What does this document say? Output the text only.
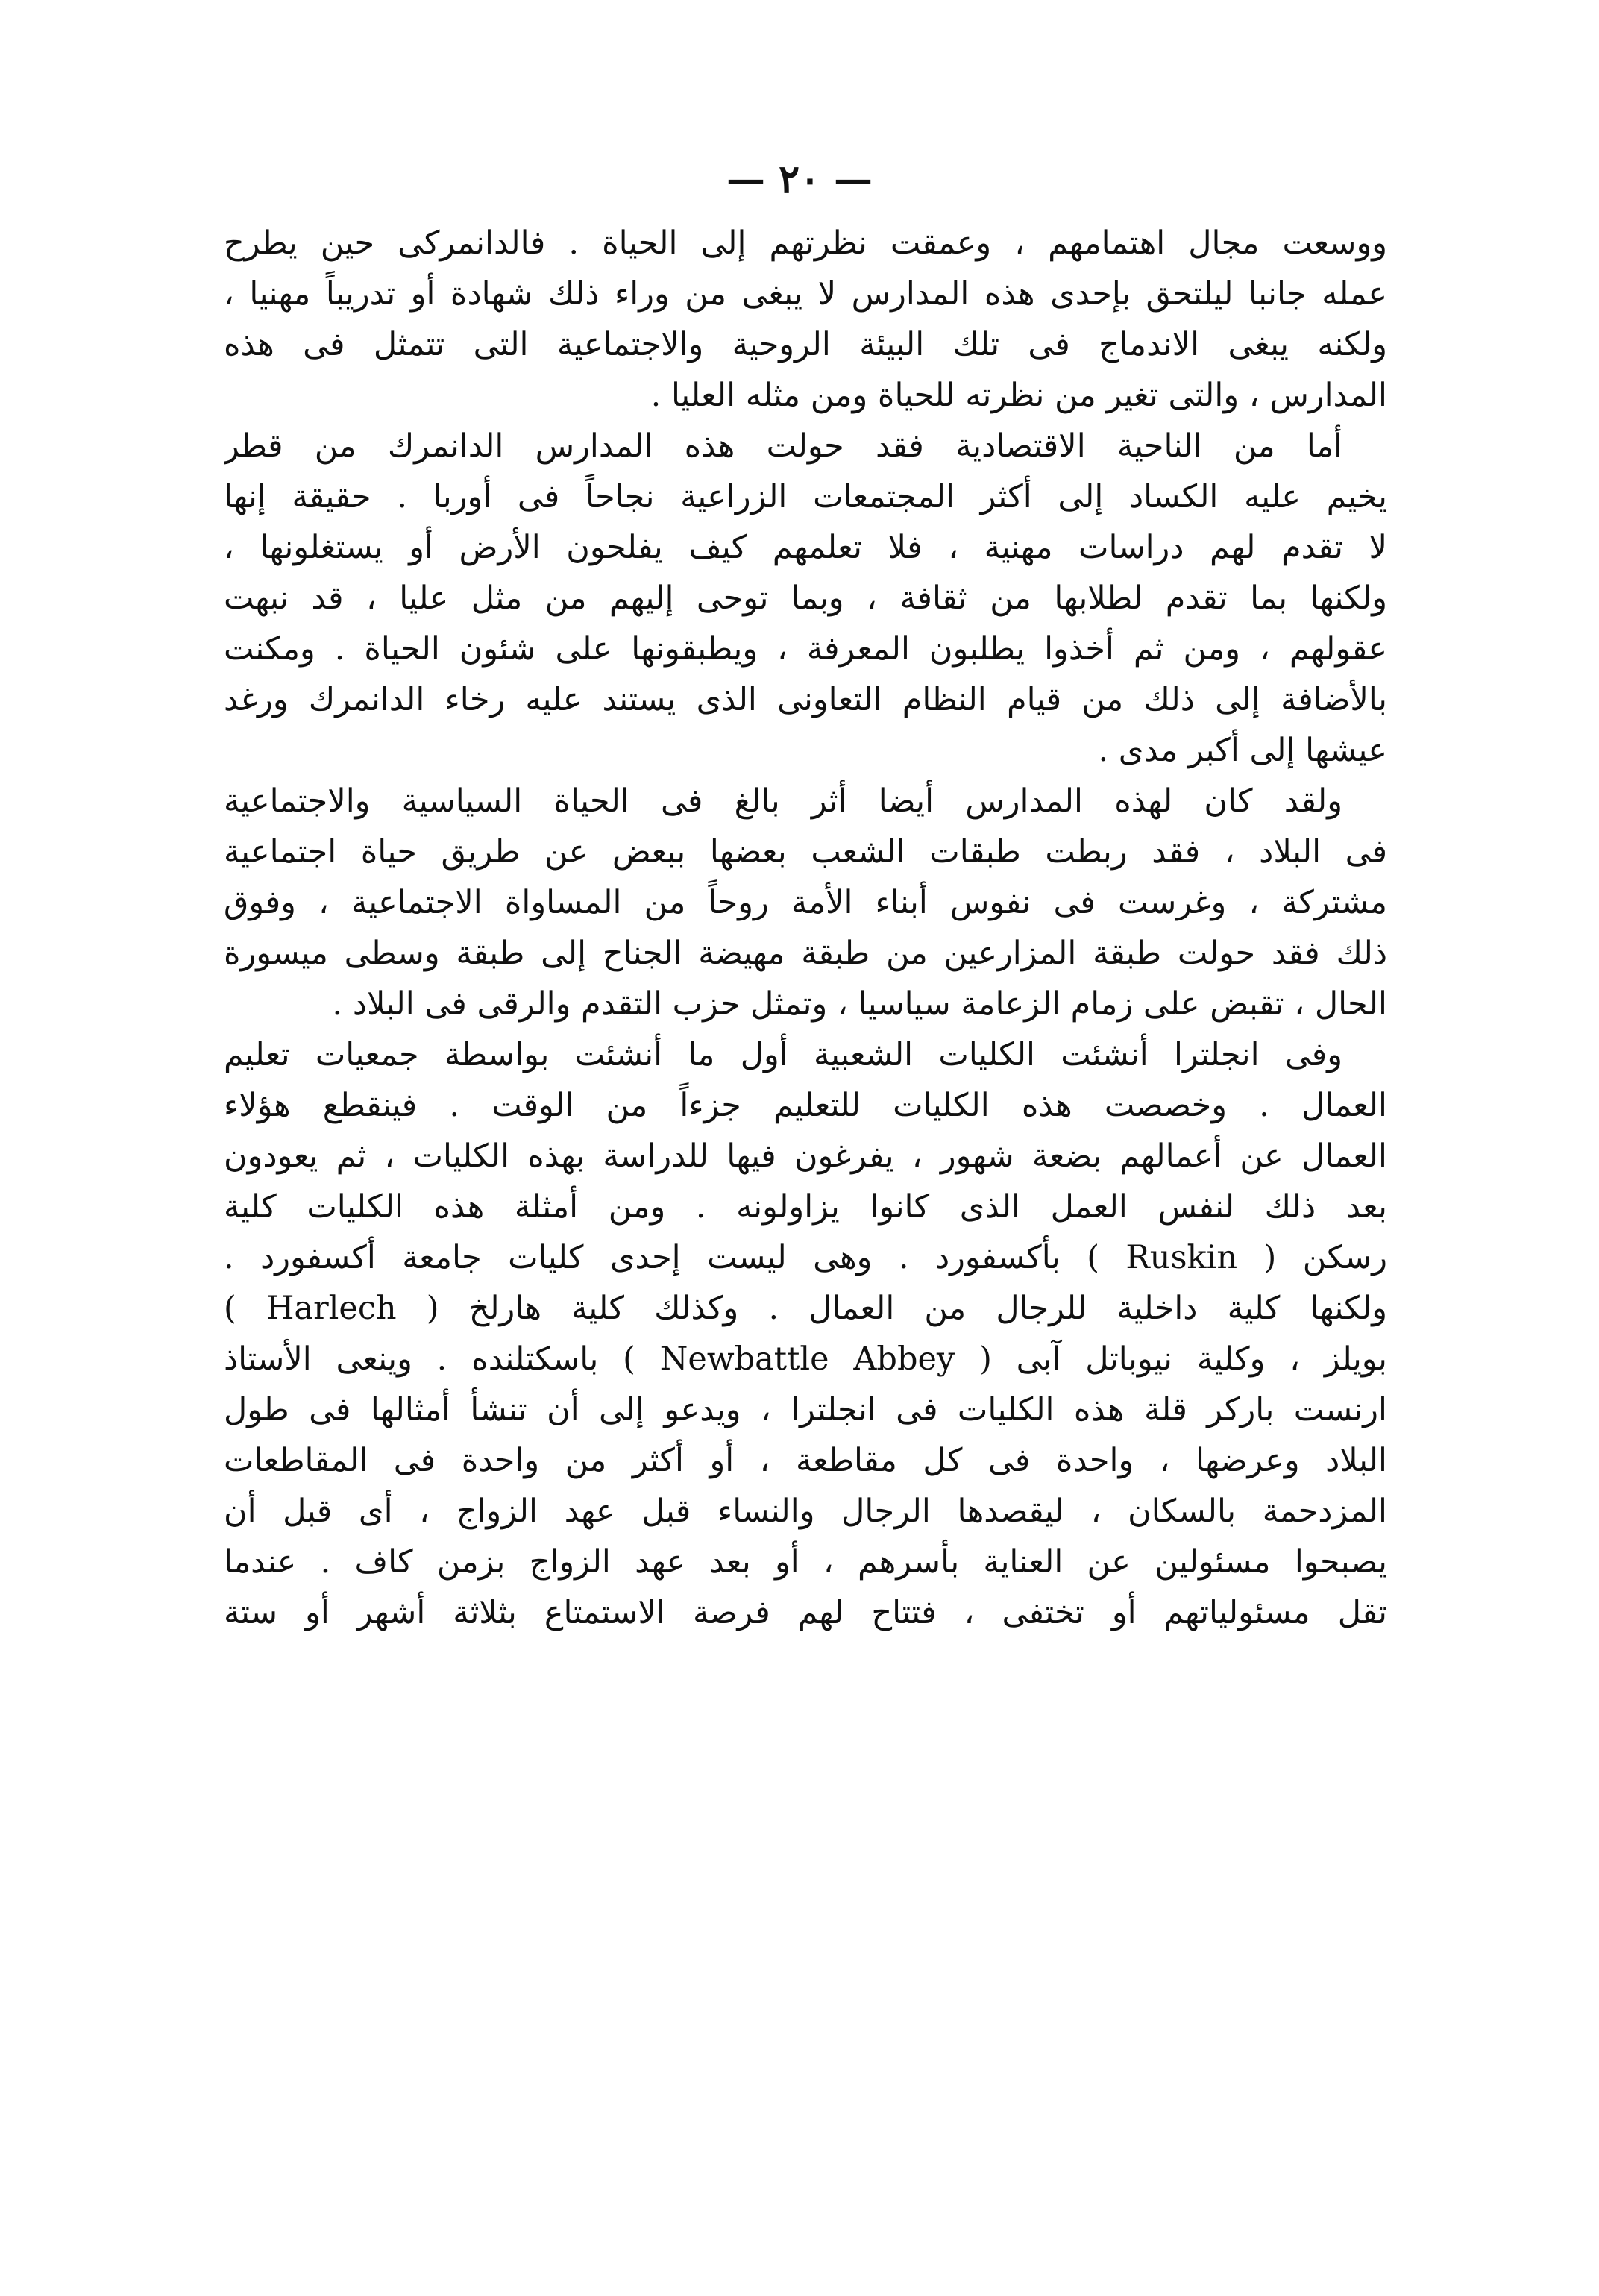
— ٢٠ —
ووسعت مجال اهتمامهم ، وعمقت نظرتهم إلى الحياة . فالدانمركى حين يطرح
عمله جانبا ليلتحق بإحدى هذه المدارس لا يبغى من وراء ذلك شهادة أو تدريباً مهنيا ،
ولكنه يبغى الاندماج فى تلك البيئة الروحية والاجتماعية التى تتمثل فى هذه
المدارس ، والتى تغير من نظرته للحياة ومن مثله العليا .
أما من الناحية الاقتصادية فقد حولت هذه المدارس الدانمرك من قطر
يخيم عليه الكساد إلى أكثر المجتمعات الزراعية نجاحاً فى أوربا . حقيقة إنها
لا تقدم لهم دراسات مهنية ، فلا تعلمهم كيف يفلحون الأرض أو يستغلونها ،
ولكنها بما تقدم لطلابها من ثقافة ، وبما توحى إليهم من مثل عليا ، قد نبهت
عقولهم ، ومن ثم أخذوا يطلبون المعرفة ، ويطبقونها على شئون الحياة . ومكنت
بالأضافة إلى ذلك من قيام النظام التعاونى الذى يستند عليه رخاء الدانمرك ورغد
عيشها إلى أكبر مدى .
ولقد كان لهذه المدارس أيضا أثر بالغ فى الحياة السياسية والاجتماعية
فى البلاد ، فقد ربطت طبقات الشعب بعضها ببعض عن طريق حياة اجتماعية
مشتركة ، وغرست فى نفوس أبناء الأمة روحاً من المساواة الاجتماعية ، وفوق
ذلك فقد حولت طبقة المزارعين من طبقة مهيضة الجناح إلى طبقة وسطى ميسورة
الحال ، تقبض على زمام الزعامة سياسيا ، وتمثل حزب التقدم والرقى فى البلاد .
وفى انجلترا أنشئت الكليات الشعبية أول ما أنشئت بواسطة جمعيات تعليم
العمال . وخصصت هذه الكليات للتعليم جزءاً من الوقت . فينقطع هؤلاء
العمال عن أعمالهم بضعة شهور ، يفرغون فيها للدراسة بهذه الكليات ، ثم يعودون
بعد ذلك لنفس العمل الذى كانوا يزاولونه . ومن أمثلة هذه الكليات كلية
رسكن ( Ruskin ) بأكسفورد . وهى ليست إحدى كليات جامعة أكسفورد .
ولكنها كلية داخلية للرجال من العمال . وكذلك كلية هارلخ ( Harlech )
بويلز ، وكلية نيوباتل آبى ( Newbattle Abbey ) باسكتلنده . وينعى الأستاذ
ارنست باركر قلة هذه الكليات فى انجلترا ، ويدعو إلى أن تنشأ أمثالها فى طول
البلاد وعرضها ، واحدة فى كل مقاطعة ، أو أكثر من واحدة فى المقاطعات
المزدحمة بالسكان ، ليقصدها الرجال والنساء قبل عهد الزواج ، أى قبل أن
يصبحوا مسئولين عن العناية بأسرهم ، أو بعد عهد الزواج بزمن كاف . عندما
تقل مسئولياتهم أو تختفى ، فتتاح لهم فرصة الاستمتاع بثلاثة أشهر أو ستة
